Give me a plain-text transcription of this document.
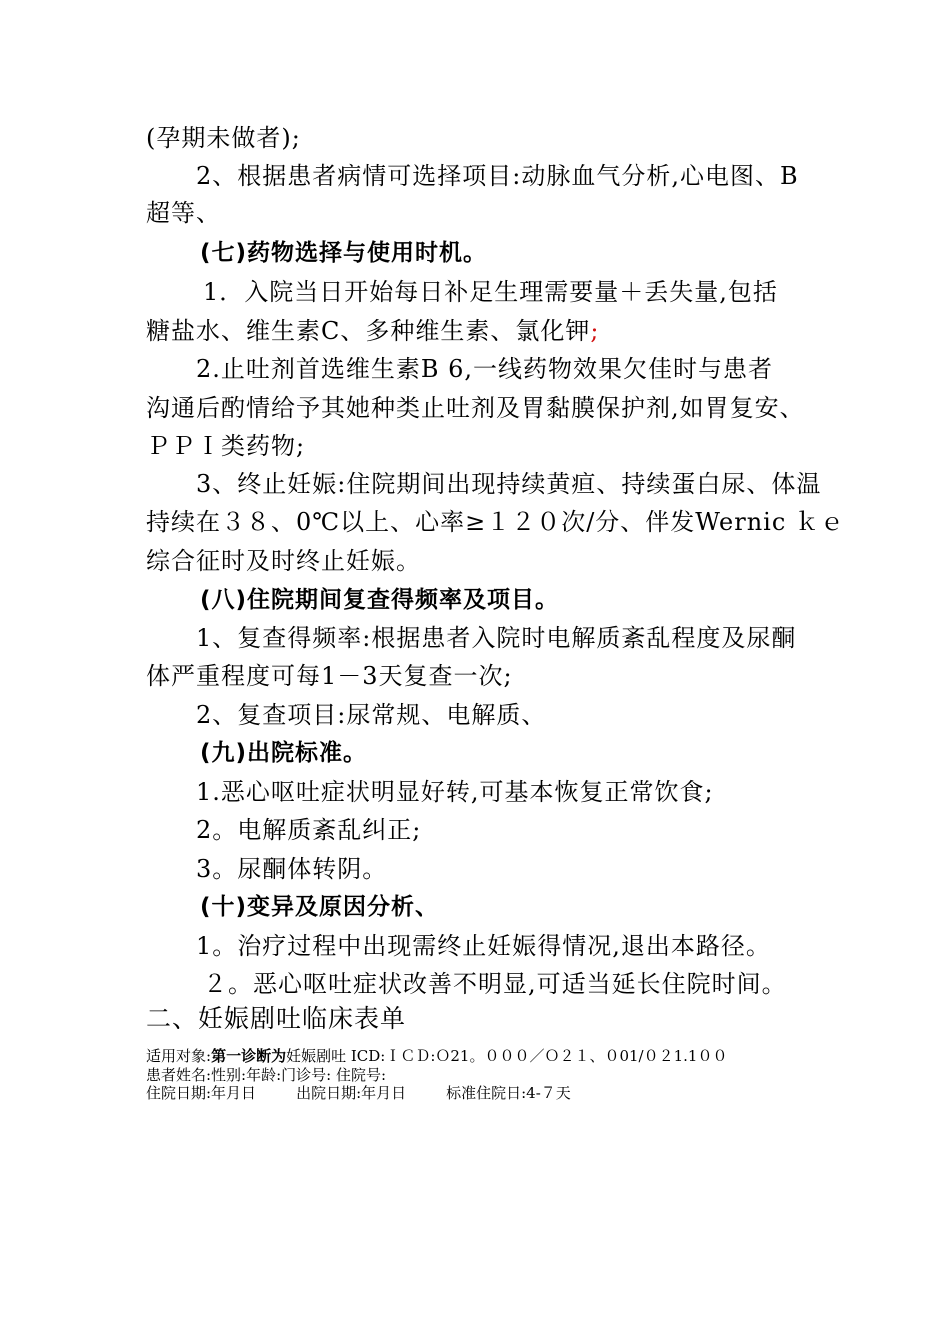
(孕期未做者);
2、根据患者病情可选择项目:动脉血气分析,心电图、B
超等、
(七)药物选择与使用时机。
1．入院当日开始每日补足生理需要量＋丢失量,包括
糖盐水、维生素C、多种维生素、氯化钾;
2.止吐剂首选维生素B 6,一线药物效果欠佳时与患者
沟通后酌情给予其她种类止吐剂及胃黏膜保护剂,如胃复安、
ＰＰＩ类药物;
3、终止妊娠:住院期间出现持续黄疸、持续蛋白尿、体温
持续在３８、0℃以上、心率≥１２０次/分、伴发Wernic ｋｅ
综合征时及时终止妊娠。
(八)住院期间复查得频率及项目。
1、复查得频率:根据患者入院时电解质紊乱程度及尿酮
体严重程度可每1－3天复查一次;
2、复查项目:尿常规、电解质、
(九)出院标准。
1.恶心呕吐症状明显好转,可基本恢复正常饮食;
2。电解质紊乱纠正;
3。尿酮体转阴。
(十)变异及原因分析、
1。治疗过程中出现需终止妊娠得情况,退出本路径。
２。恶心呕吐症状改善不明显,可适当延长住院时间。
二、妊娠剧吐临床表单
适用对象:第一诊断为妊娠剧吐 ICD:ＩＣＤ:Ｏ21。０００／Ｏ２１、０01/０２1.1００
患者姓名:性别:年龄:门诊号: 住院号:
住院日期:年月日	出院日期:年月日	标准住院日:4-７天
